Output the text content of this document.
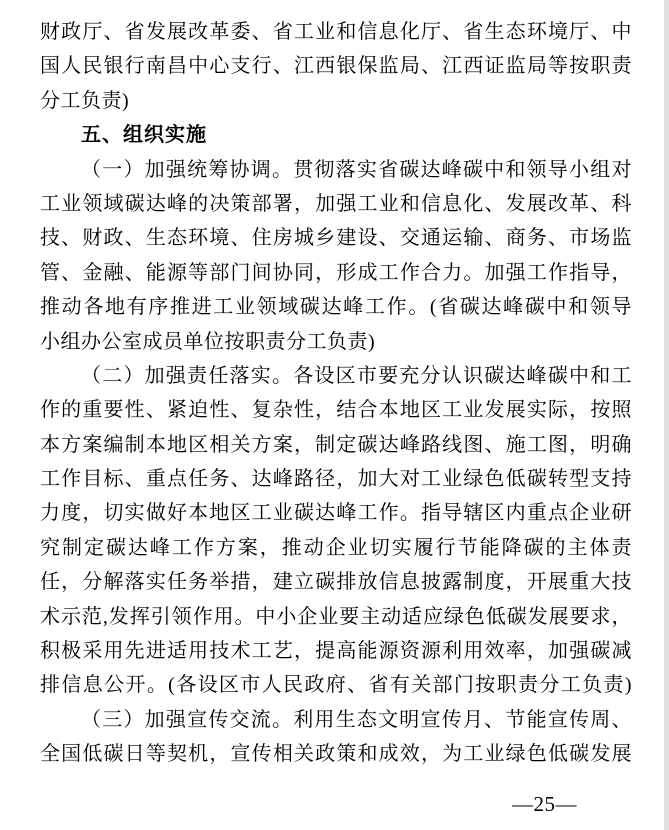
财政厅、省发展改革委、省工业和信息化厅、省生态环境厅、中
国人民银行南昌中心支行、江西银保监局、江西证监局等按职责
分工负责)
五、组织实施
（一）加强统筹协调。贯彻落实省碳达峰碳中和领导小组对
工业领域碳达峰的决策部署，加强工业和信息化、发展改革、科
技、财政、生态环境、住房城乡建设、交通运输、商务、市场监
管、金融、能源等部门间协同，形成工作合力。加强工作指导，
推动各地有序推进工业领域碳达峰工作。(省碳达峰碳中和领导
小组办公室成员单位按职责分工负责)
（二）加强责任落实。各设区市要充分认识碳达峰碳中和工
作的重要性、紧迫性、复杂性，结合本地区工业发展实际，按照
本方案编制本地区相关方案，制定碳达峰路线图、施工图，明确
工作目标、重点任务、达峰路径，加大对工业绿色低碳转型支持
力度，切实做好本地区工业碳达峰工作。指导辖区内重点企业研
究制定碳达峰工作方案，推动企业切实履行节能降碳的主体责
任，分解落实任务举措，建立碳排放信息披露制度，开展重大技
术示范,发挥引领作用。中小企业要主动适应绿色低碳发展要求，
积极采用先进适用技术工艺，提高能源资源利用效率，加强碳减
排信息公开。(各设区市人民政府、省有关部门按职责分工负责)
（三）加强宣传交流。利用生态文明宣传月、节能宣传周、
全国低碳日等契机，宣传相关政策和成效，为工业绿色低碳发展
—25—
